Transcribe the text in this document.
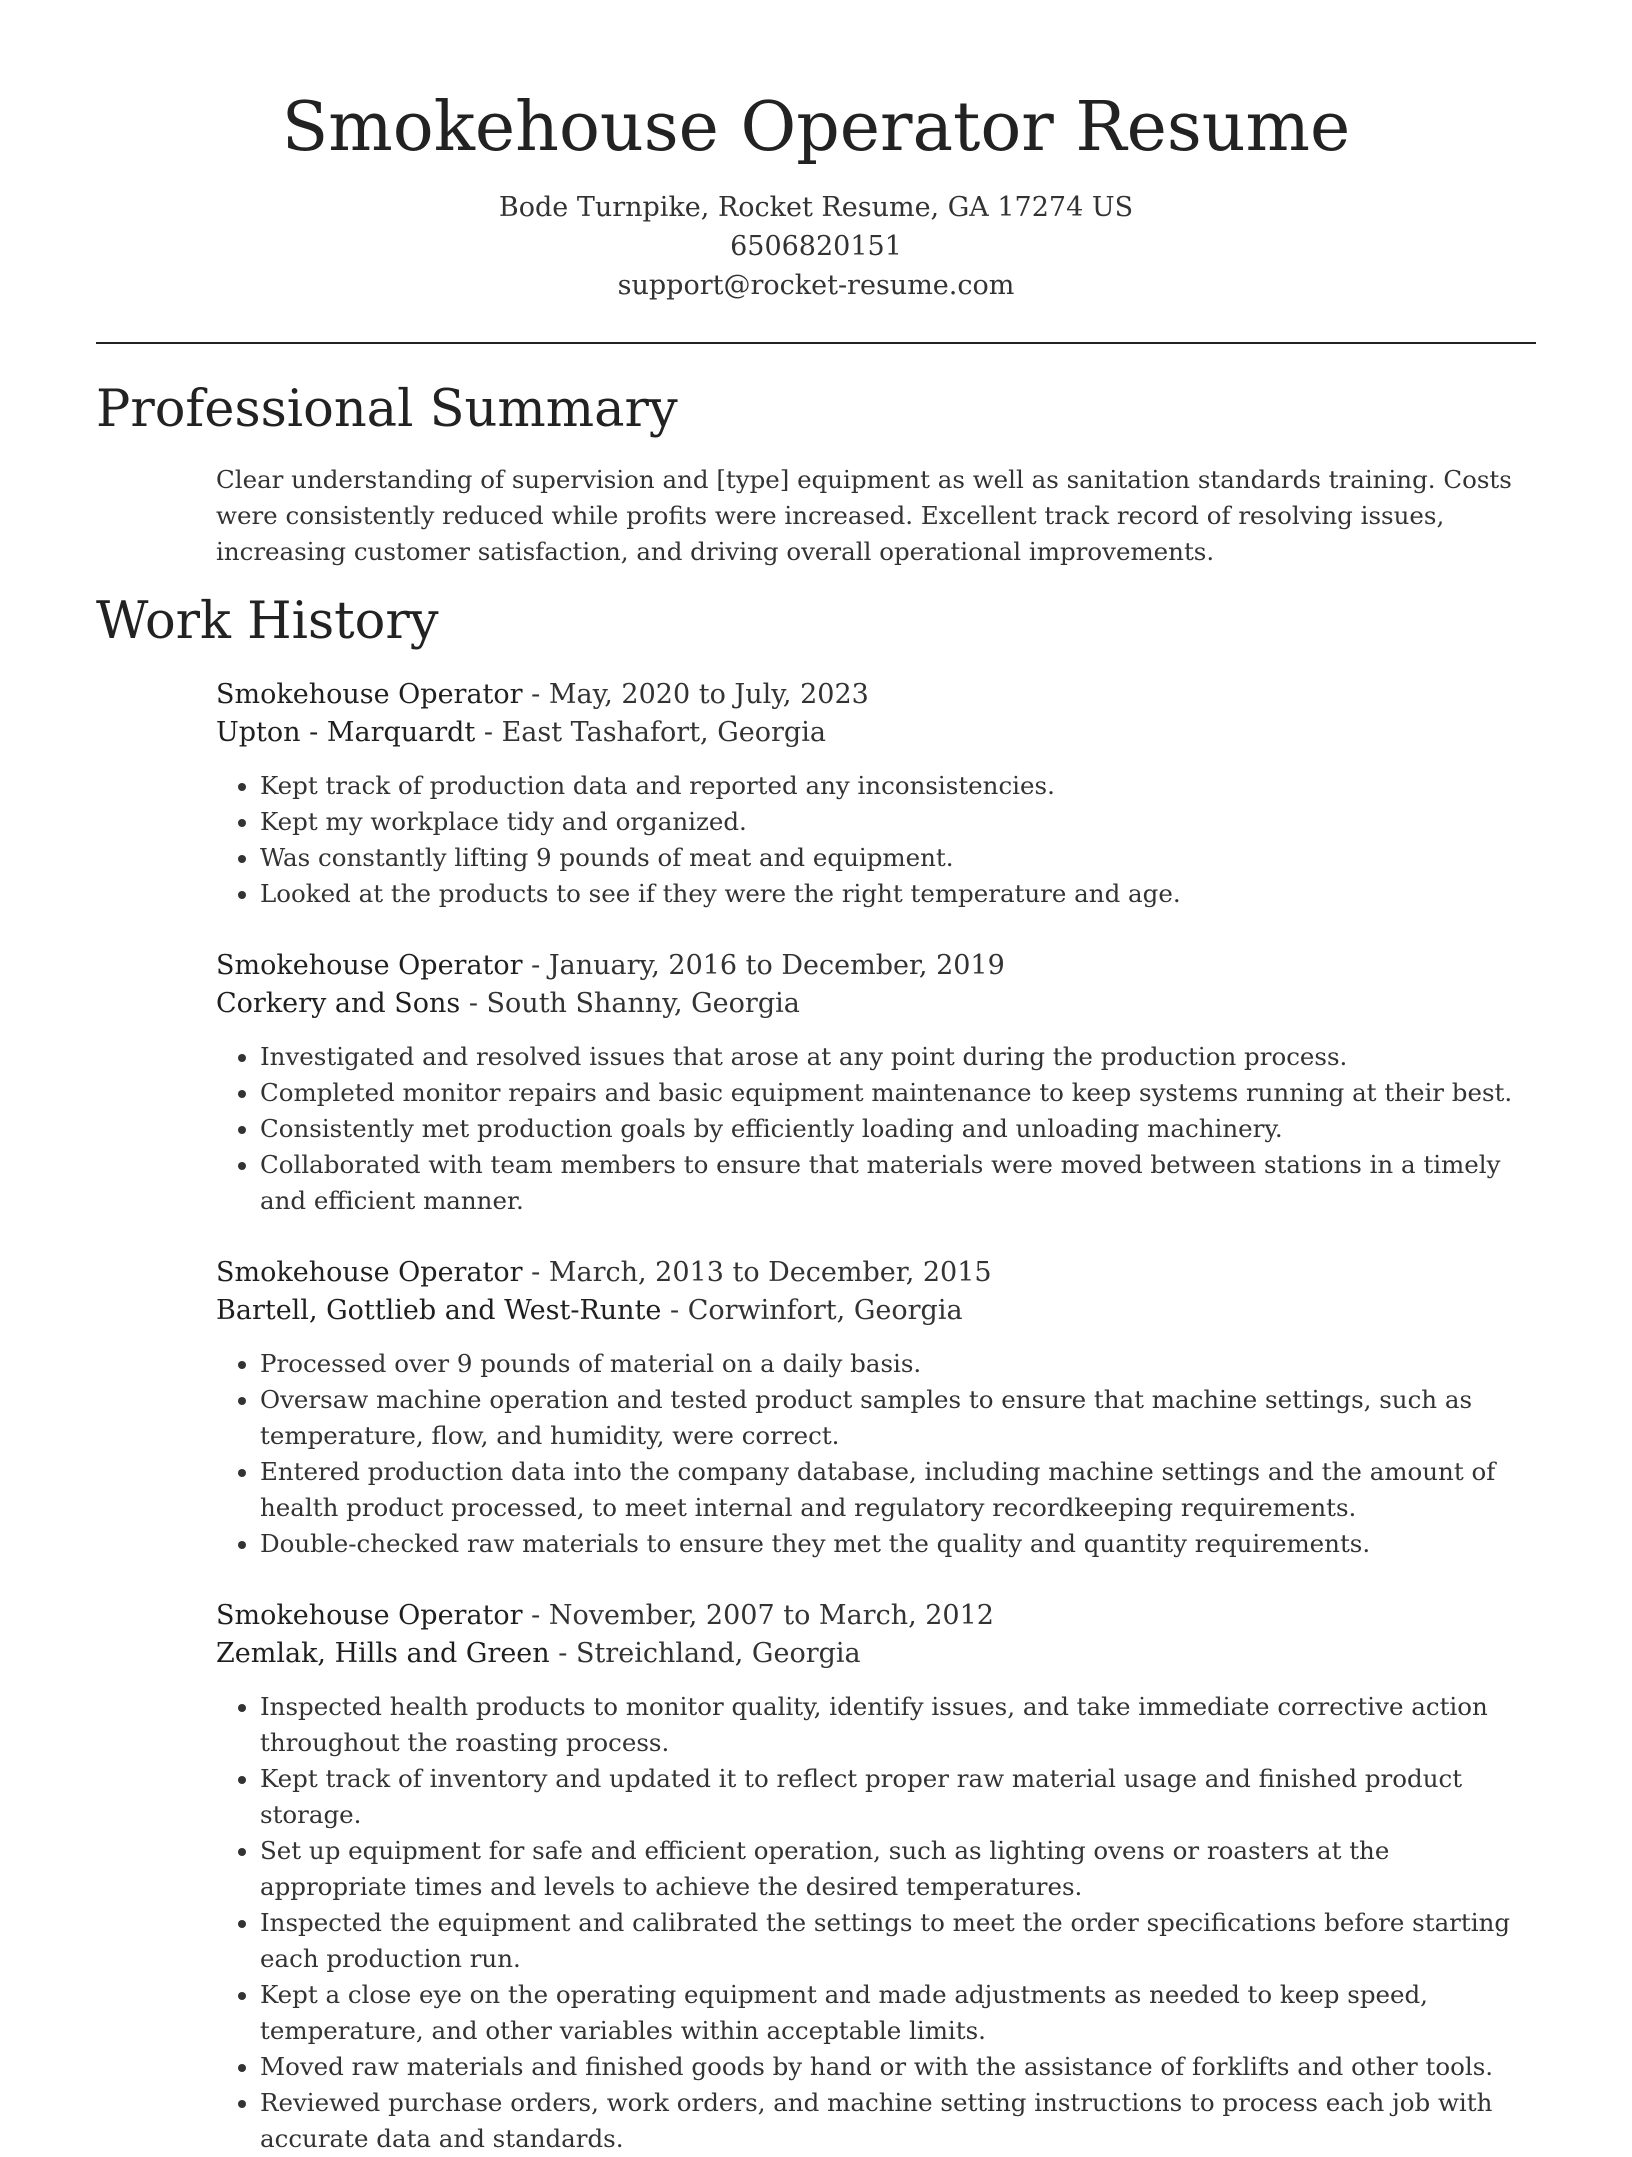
Smokehouse Operator Resume
Bode Turnpike, Rocket Resume, GA 17274 US
6506820151
support@rocket-resume.com
Professional Summary

Clear understanding of supervision and [type] equipment as well as sanitation standards training. Costs were consistently reduced while profits were increased. Excellent track record of resolving issues, increasing customer satisfaction, and driving overall operational improvements.

Work History
Smokehouse Operator - May, 2020 to July, 2023
Upton - Marquardt - East Tashafort, Georgia
• Kept track of production data and reported any inconsistencies.
• Kept my workplace tidy and organized.
• Was constantly lifting 9 pounds of meat and equipment.
• Looked at the products to see if they were the right temperature and age.
Smokehouse Operator - January, 2016 to December, 2019
Corkery and Sons - South Shanny, Georgia
• Investigated and resolved issues that arose at any point during the production process.
• Completed monitor repairs and basic equipment maintenance to keep systems running at their best.
• Consistently met production goals by efficiently loading and unloading machinery.
• Collaborated with team members to ensure that materials were moved between stations in a timely and efficient manner.
Smokehouse Operator - March, 2013 to December, 2015
Bartell, Gottlieb and West-Runte - Corwinfort, Georgia
• Processed over 9 pounds of material on a daily basis.
• Oversaw machine operation and tested product samples to ensure that machine settings, such as temperature, flow, and humidity, were correct.
• Entered production data into the company database, including machine settings and the amount of health product processed, to meet internal and regulatory recordkeeping requirements.
• Double-checked raw materials to ensure they met the quality and quantity requirements.
Smokehouse Operator - November, 2007 to March, 2012
Zemlak, Hills and Green - Streichland, Georgia
• Inspected health products to monitor quality, identify issues, and take immediate corrective action throughout the roasting process.
• Kept track of inventory and updated it to reflect proper raw material usage and finished product storage.
• Set up equipment for safe and efficient operation, such as lighting ovens or roasters at the appropriate times and levels to achieve the desired temperatures.
• Inspected the equipment and calibrated the settings to meet the order specifications before starting each production run.
• Kept a close eye on the operating equipment and made adjustments as needed to keep speed, temperature, and other variables within acceptable limits.
• Moved raw materials and finished goods by hand or with the assistance of forklifts and other tools.
• Reviewed purchase orders, work orders, and machine setting instructions to process each job with accurate data and standards.
